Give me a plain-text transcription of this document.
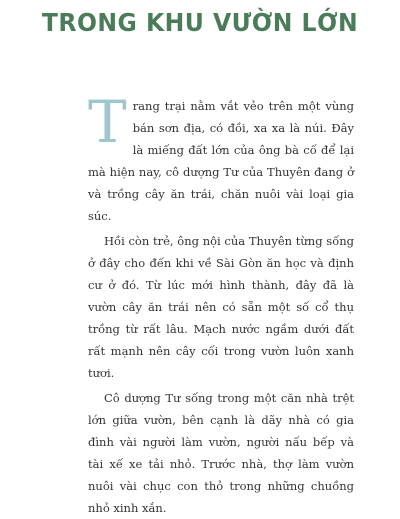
TRONG KHU VƯỜN LỚN

Trang trại nằm vắt vẻo trên một vùng bán sơn địa, có đồi, xa xa là núi. Đây là miếng đất lớn của ông bà cố để lại mà hiện nay, cô dượng Tư của Thuyên đang ở và trồng cây ăn trái, chăn nuôi vài loại gia súc.

Hồi còn trẻ, ông nội của Thuyên từng sống ở đây cho đến khi về Sài Gòn ăn học và định cư ở đó. Từ lúc mới hình thành, đây đã là vườn cây ăn trái nên có sẵn một số cổ thụ trồng từ rất lâu. Mạch nước ngầm dưới đất rất mạnh nên cây cối trong vườn luôn xanh tươi.

Cô dượng Tư sống trong một căn nhà trệt lớn giữa vườn, bên cạnh là dãy nhà có gia đình vài người làm vườn, người nấu bếp và tài xế xe tải nhỏ. Trước nhà, thợ làm vườn nuôi vài chục con thỏ trong những chuồng nhỏ xinh xắn.
